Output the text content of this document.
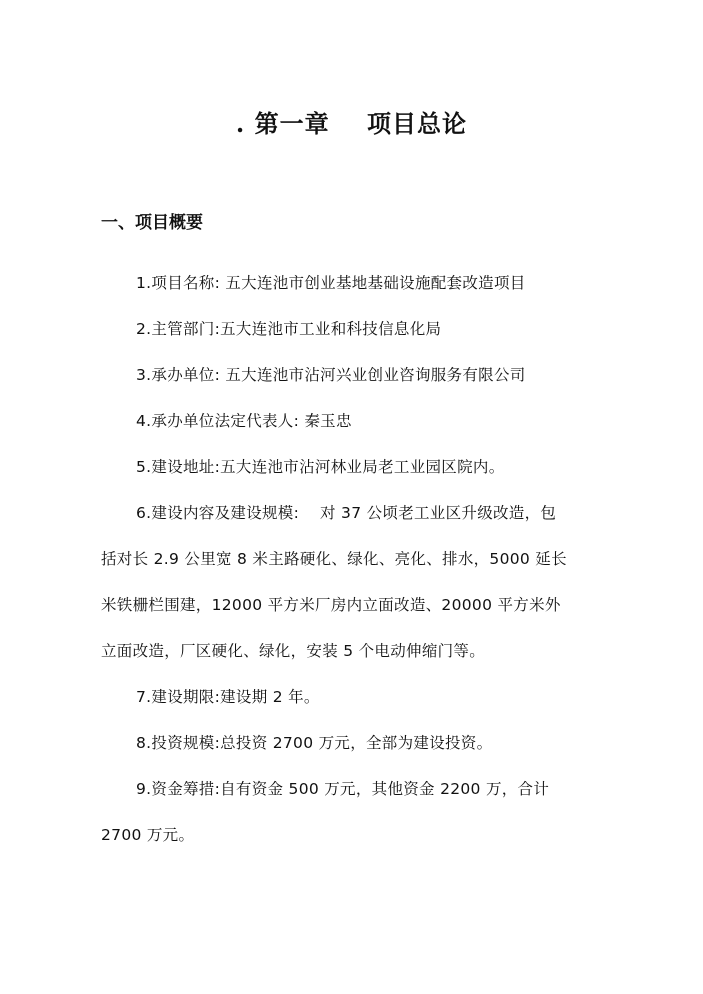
. 第一章    项目总论
一、项目概要

1.项目名称: 五大连池市创业基地基础设施配套改造项目

2.主管部门:五大连池市工业和科技信息化局

3.承办单位: 五大连池市沾河兴业创业咨询服务有限公司

4.承办单位法定代表人: 秦玉忠

5.建设地址:五大连池市沾河林业局老工业园区院内。

6.建设内容及建设规模:    对 37 公顷老工业区升级改造，包

括对长 2.9 公里宽 8 米主路硬化、绿化、亮化、排水，5000 延长

米铁栅栏围建，12000 平方米厂房内立面改造、20000 平方米外

立面改造，厂区硬化、绿化，安装 5 个电动伸缩门等。

7.建设期限:建设期 2 年。

8.投资规模:总投资 2700 万元，全部为建设投资。

9.资金筹措:自有资金 500 万元，其他资金 2200 万，合计

2700 万元。
